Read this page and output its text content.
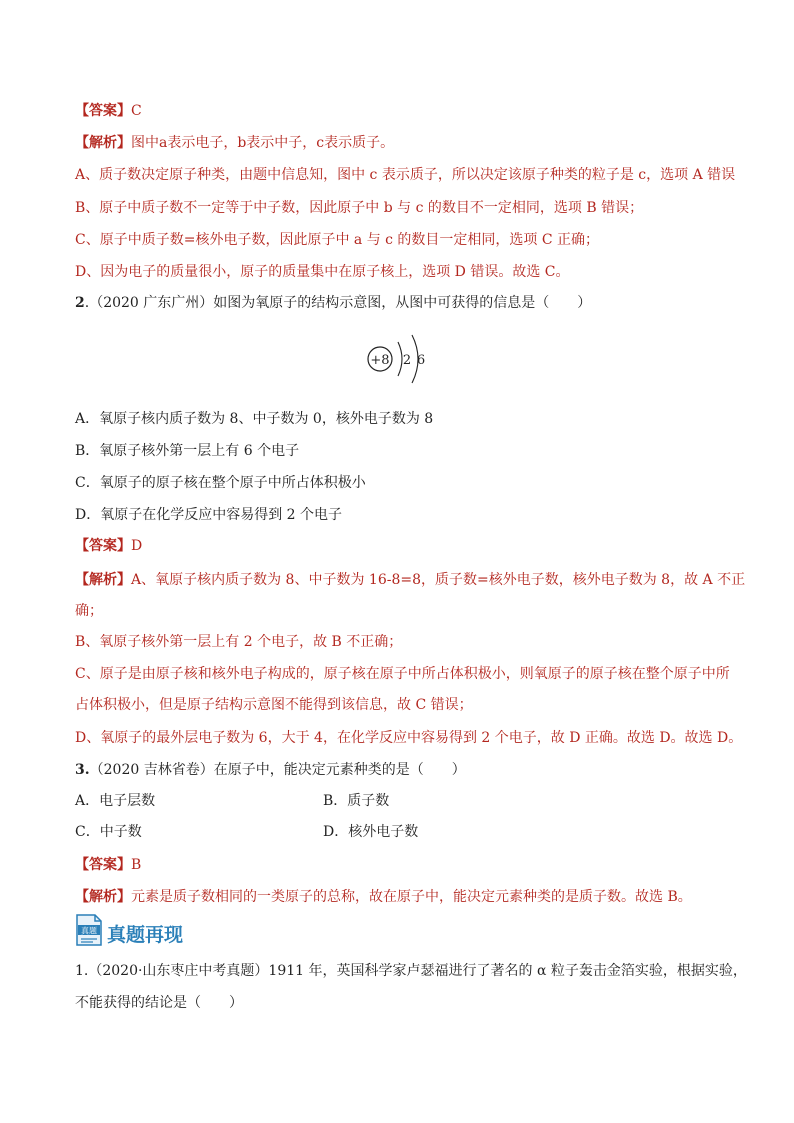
【答案】C
【解析】图中a表示电子，b表示中子，c表示质子。
A、质子数决定原子种类，由题中信息知，图中 c 表示质子，所以决定该原子种类的粒子是 c，选项 A 错误
B、原子中质子数不一定等于中子数，因此原子中 b 与 c 的数目不一定相同，选项 B 错误；
C、原子中质子数=核外电子数，因此原子中 a 与 c 的数目一定相同，选项 C 正确；
D、因为电子的质量很小，原子的质量集中在原子核上，选项 D 错误。故选 C。
2.（2020 广东广州）如图为氧原子的结构示意图，从图中可获得的信息是（　　）
+8 2 6
A．氧原子核内质子数为 8、中子数为 0，核外电子数为 8
B．氧原子核外第一层上有 6 个电子
C．氧原子的原子核在整个原子中所占体积极小
D．氧原子在化学反应中容易得到 2 个电子
【答案】D
【解析】A、氧原子核内质子数为 8、中子数为 16-8=8，质子数=核外电子数，核外电子数为 8，故 A 不正
确；
B、氧原子核外第一层上有 2 个电子，故 B 不正确；
C、原子是由原子核和核外电子构成的，原子核在原子中所占体积极小，则氧原子的原子核在整个原子中所
占体积极小，但是原子结构示意图不能得到该信息，故 C 错误；
D、氧原子的最外层电子数为 6，大于 4，在化学反应中容易得到 2 个电子，故 D 正确。故选 D。故选 D。
3.（2020 吉林省卷）在原子中，能决定元素种类的是（　　）
A．电子层数	B．质子数
C．中子数	D．核外电子数
【答案】B
【解析】元素是质子数相同的一类原子的总称，故在原子中，能决定元素种类的是质子数。故选 B。
真题 真题再现
1.（2020·山东枣庄中考真题）1911 年，英国科学家卢瑟福进行了著名的 α 粒子轰击金箔实验，根据实验，
不能获得的结论是（　　）
